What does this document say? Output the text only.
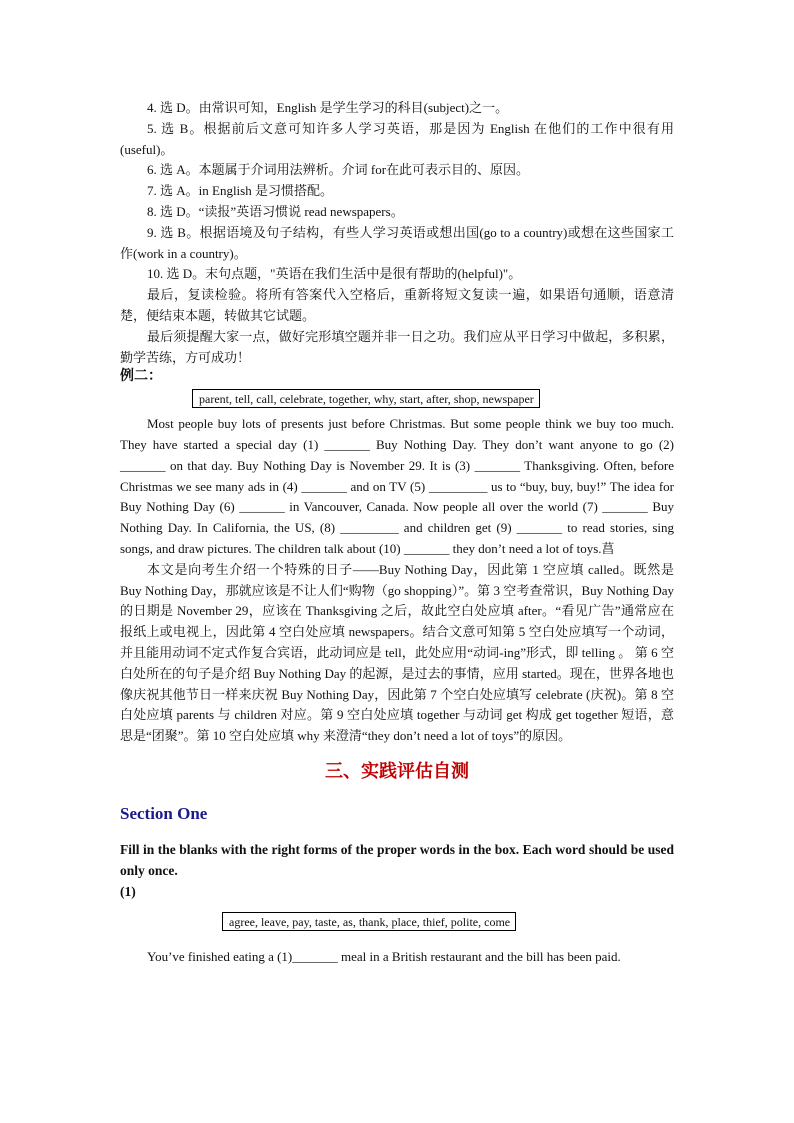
4. 选 D。由常识可知，English 是学生学习的科目(subject)之一。

5. 选 B。根据前后文意可知许多人学习英语，那是因为 English 在他们的工作中很有用(useful)。

6. 选 A。本题属于介词用法辨析。介词 for在此可表示目的、原因。

7. 选 A。in English 是习惯搭配。

8. 选 D。“读报”英语习惯说 read newspapers。

9. 选 B。根据语境及句子结构，有些人学习英语或想出国(go to a country)或想在这些国家工作(work in a country)。

10. 选 D。末句点题，"英语在我们生活中是很有帮助的(helpful)"。

最后，复读检验。将所有答案代入空格后，重新将短文复读一遍，如果语句通顺，语意清楚，便结束本题，转做其它试题。

最后须提醒大家一点，做好完形填空题并非一日之功。我们应从平日学习中做起，多积累，勤学苦练，方可成功！

例二：

parent, tell, call, celebrate, together, why, start, after, shop, newspaper

Most people buy lots of presents just before Christmas. But some people think we buy too much. They have started a special day (1) _______ Buy Nothing Day. They don’t want anyone to go (2) _______ on that day. Buy Nothing Day is November 29. It is (3) _______ Thanksgiving. Often, before Christmas we see many ads in (4) _______ and on TV (5) _________ us to “buy, buy, buy!” The idea for Buy Nothing Day (6) _______ in Vancouver, Canada. Now people all over the world (7) _______ Buy Nothing Day. In California, the US, (8) _________ and children get (9) _______ to read stories, sing songs, and draw pictures. The children talk about (10) _______ they don’t need a lot of toys.菖

本文是向考生介绍一个特殊的日子——Buy Nothing Day，因此第 1 空应填 called。既然是 Buy Nothing Day，那就应该是不让人们“购物（go shopping）”。第 3 空考查常识，Buy Nothing Day 的日期是 November 29，应该在 Thanksgiving 之后，故此空白处应填 after。“看见广告”通常应在报纸上或电视上，因此第 4 空白处应填 newspapers。结合文意可知第 5 空白处应填写一个动词，并且能用动词不定式作复合宾语，此动词应是 tell，此处应用“动词-ing”形式，即 telling 。 第 6 空白处所在的句子是介绍 Buy Nothing Day 的起源，是过去的事情，应用 started。现在，世界各地也像庆祝其他节日一样来庆祝 Buy Nothing Day，因此第 7 个空白处应填写 celebrate (庆祝)。第 8 空白处应填 parents 与 children 对应。第 9 空白处应填 together 与动词 get 构成 get together 短语，意思是“团聚”。第 10 空白处应填 why 来澄清“they don’t need a lot of toys”的原因。

三、实践评估自测
Section One

Fill in the blanks with the right forms of the proper words in the box. Each word should be used only once.

(1)

agree, leave, pay, taste, as, thank, place, thief, polite, come

You’ve finished eating a (1)_______ meal in a British restaurant and the bill has been paid.
